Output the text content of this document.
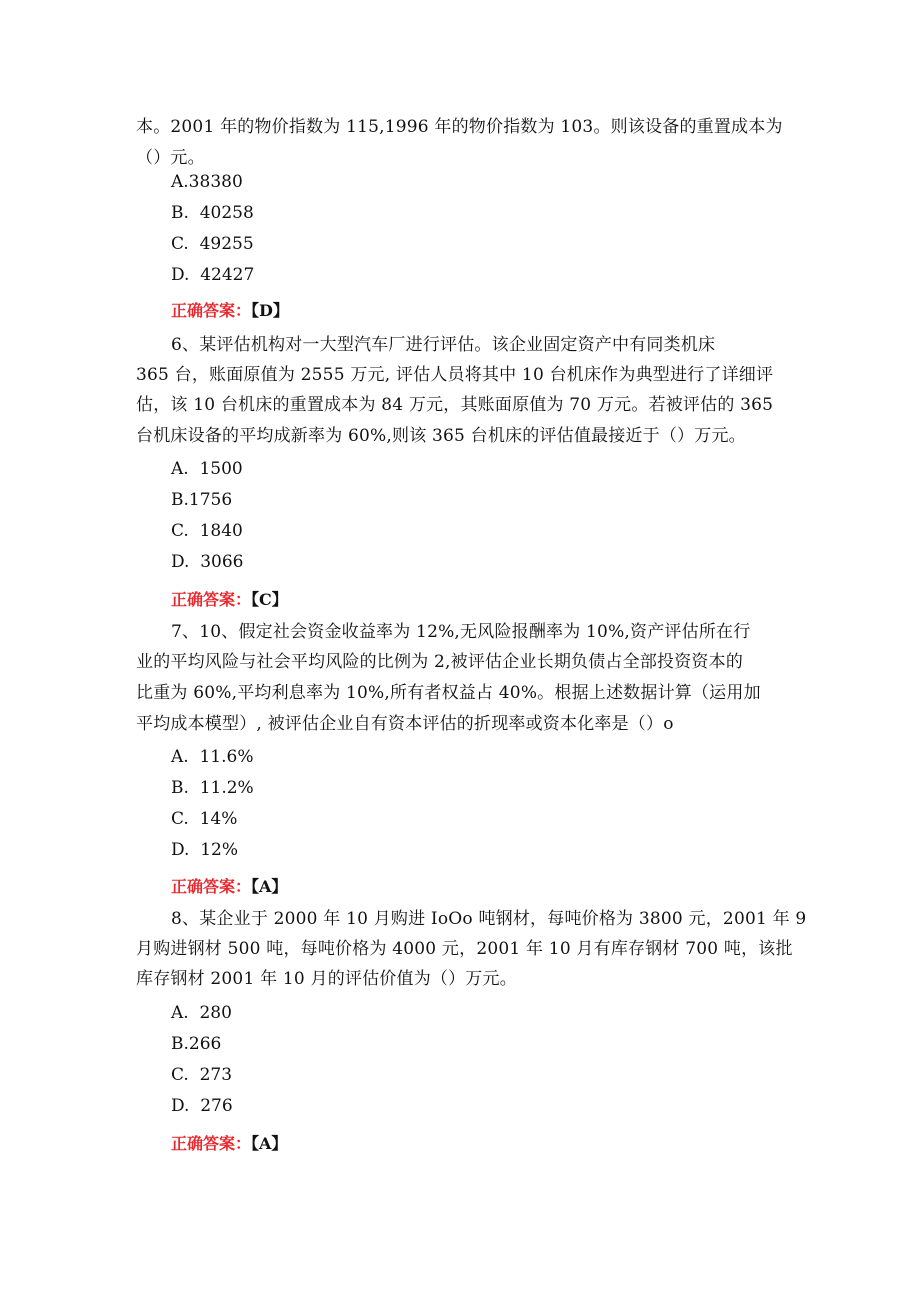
本。2001 年的物价指数为 115,1996 年的物价指数为 103。则该设备的重置成本为
（）元。
A.38380
B.  40258
C.  49255
D.  42427
正确答案：【D】
6、某评估机构对一大型汽车厂进行评估。该企业固定资产中有同类机床
365 台，账面原值为 2555 万元, 评估人员将其中 10 台机床作为典型进行了详细评
估，该 10 台机床的重置成本为 84 万元，其账面原值为 70 万元。若被评估的 365
台机床设备的平均成新率为 60%,则该 365 台机床的评估值最接近于（）万元。
A.  1500
B.1756
C.  1840
D.  3066
正确答案：【C】
7、10、假定社会资金收益率为 12%,无风险报酬率为 10%,资产评估所在行
业的平均风险与社会平均风险的比例为 2,被评估企业长期负债占全部投资资本的
比重为 60%,平均利息率为 10%,所有者权益占 40%。根据上述数据计算（运用加
平均成本模型）, 被评估企业自有资本评估的折现率或资本化率是（）o
A.  11.6%
B.  11.2%
C.  14%
D.  12%
正确答案：【A】
8、某企业于 2000 年 10 月购进 IoOo 吨钢材，每吨价格为 3800 元，2001 年 9
月购进钢材 500 吨，每吨价格为 4000 元，2001 年 10 月有库存钢材 700 吨，该批
库存钢材 2001 年 10 月的评估价值为（）万元。
A.  280
B.266
C.  273
D.  276
正确答案：【A】
